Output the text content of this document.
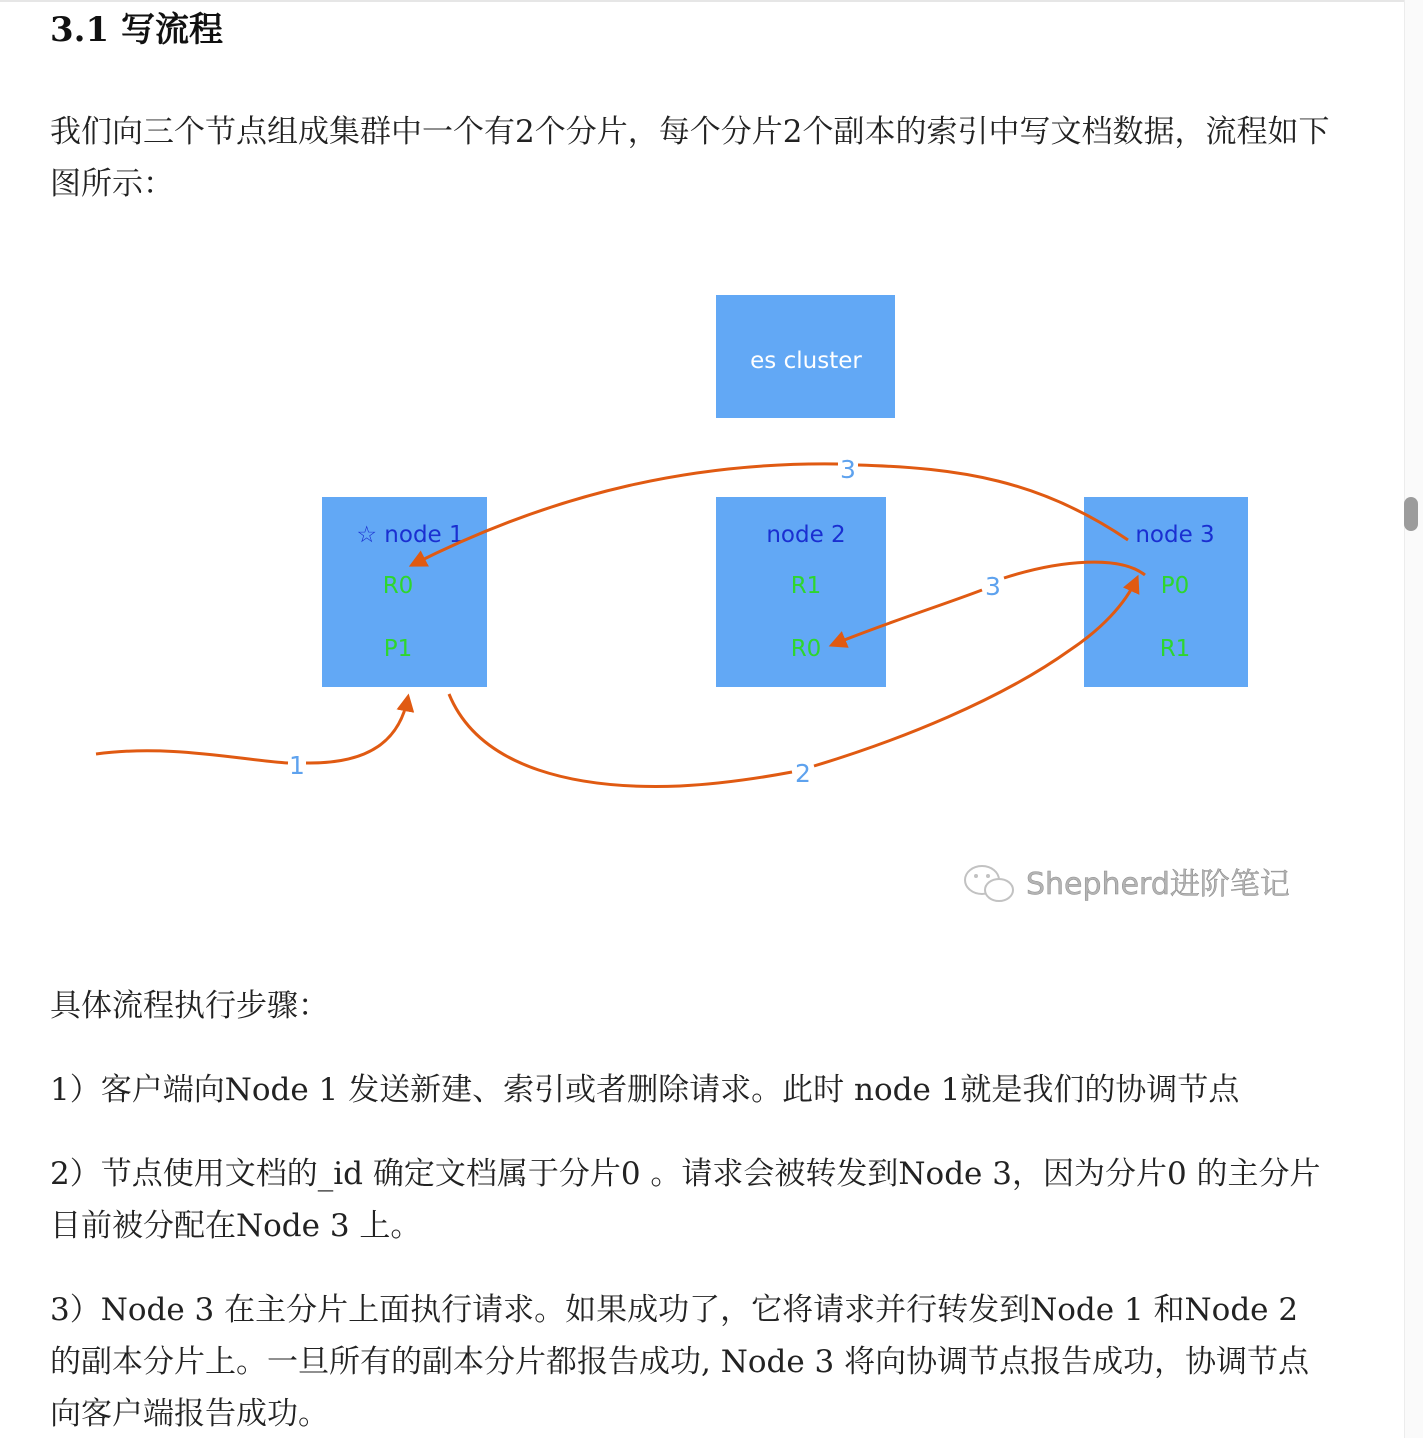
3.1 写流程

我们向三个节点组成集群中一个有2个分片，每个分片2个副本的索引中写文档数据，流程如下图所示：

es cluster
☆ node 1
R0
P1
node 2
R1
R0
node 3
P0
R1
1	2
3
3
Shepherd进阶笔记

具体流程执行步骤：

1）客户端向Node 1 发送新建、索引或者删除请求。此时 node 1就是我们的协调节点

2）节点使用文档的_id 确定文档属于分片0 。请求会被转发到Node 3，因为分片0 的主分片目前被分配在Node 3 上。

3）Node 3 在主分片上面执行请求。如果成功了，它将请求并行转发到Node 1 和Node 2 的副本分片上。一旦所有的副本分片都报告成功, Node 3 将向协调节点报告成功，协调节点向客户端报告成功。
